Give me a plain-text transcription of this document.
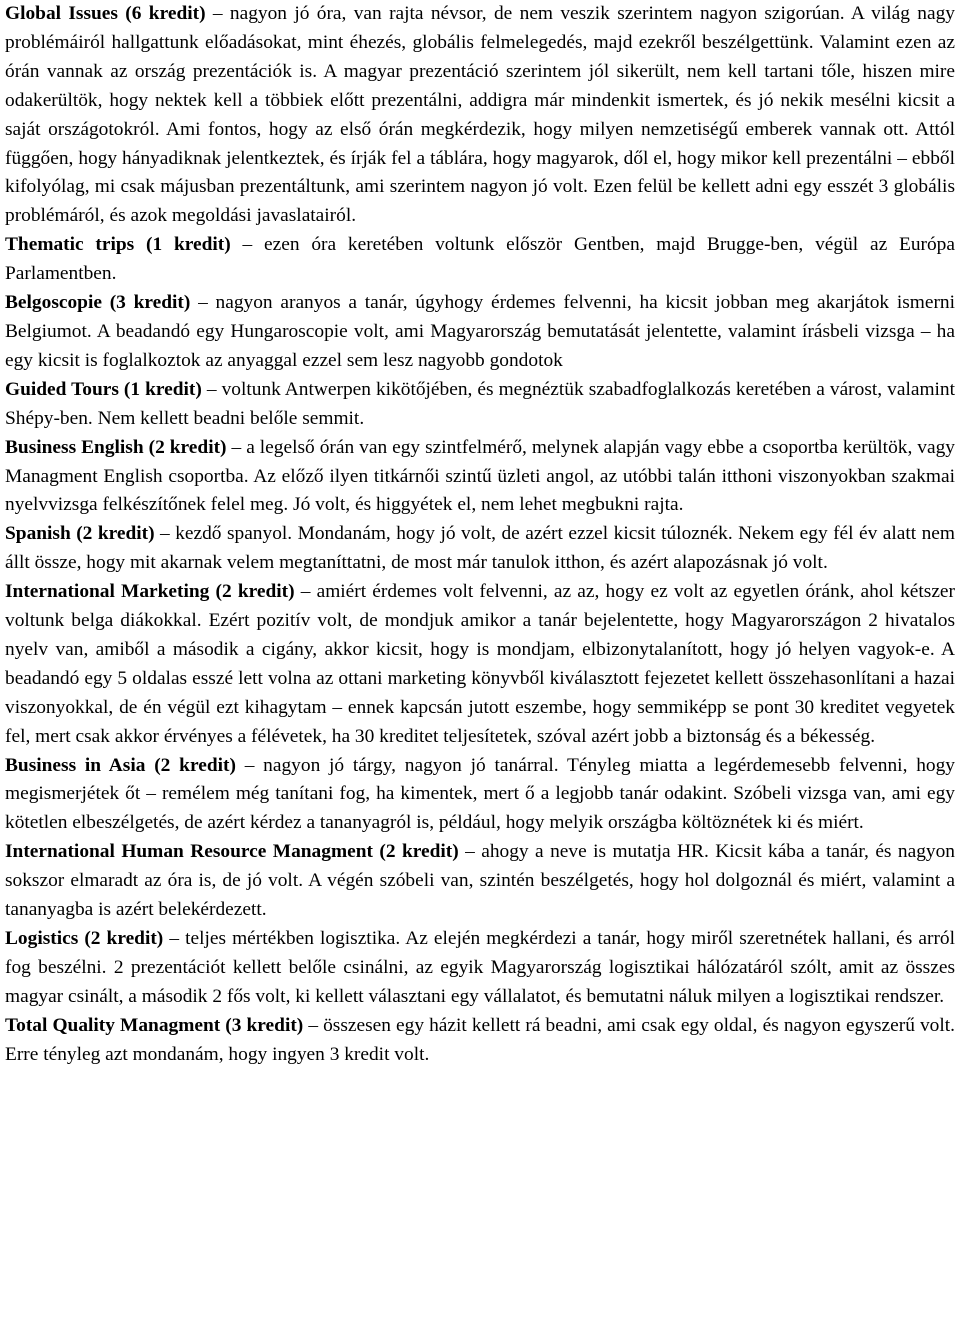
Global Issues (6 kredit) – nagyon jó óra, van rajta névsor, de nem veszik szerintem nagyon szigorúan. A világ nagy problémáiról hallgattunk előadásokat, mint éhezés, globális felmelegedés, majd ezekről beszélgettünk. Valamint ezen az órán vannak az ország prezentációk is. A magyar prezentáció szerintem jól sikerült, nem kell tartani tőle, hiszen mire odakerültök, hogy nektek kell a többiek előtt prezentálni, addigra már mindenkit ismertek, és jó nekik mesélni kicsit a saját országotokról. Ami fontos, hogy az első órán megkérdezik, hogy milyen nemzetiségű emberek vannak ott. Attól függően, hogy hányadiknak jelentkeztek, és írják fel a táblára, hogy magyarok, dől el, hogy mikor kell prezentálni – ebből kifolyólag, mi csak májusban prezentáltunk, ami szerintem nagyon jó volt. Ezen felül be kellett adni egy esszét 3 globális problémáról, és azok megoldási javaslatairól.

Thematic trips (1 kredit) – ezen óra keretében voltunk először Gentben, majd Brugge-ben, végül az Európa Parlamentben.

Belgoscopie (3 kredit) – nagyon aranyos a tanár, úgyhogy érdemes felvenni, ha kicsit jobban meg akarjátok ismerni Belgiumot. A beadandó egy Hungaroscopie volt, ami Magyarország bemutatását jelentette, valamint írásbeli vizsga – ha egy kicsit is foglalkoztok az anyaggal ezzel sem lesz nagyobb gondotok

Guided Tours (1 kredit) – voltunk Antwerpen kikötőjében, és megnéztük szabadfoglalkozás keretében a várost, valamint Shépy-ben. Nem kellett beadni belőle semmit.

Business English (2 kredit) – a legelső órán van egy szintfelmérő, melynek alapján vagy ebbe a csoportba kerültök, vagy Managment English csoportba. Az előző ilyen titkárnői szintű üzleti angol, az utóbbi talán itthoni viszonyokban szakmai nyelvvizsga felkészítőnek felel meg. Jó volt, és higgyétek el, nem lehet megbukni rajta.

Spanish (2 kredit) – kezdő spanyol. Mondanám, hogy jó volt, de azért ezzel kicsit túloznék. Nekem egy fél év alatt nem állt össze, hogy mit akarnak velem megtaníttatni, de most már tanulok itthon, és azért alapozásnak jó volt.

International Marketing (2 kredit) – amiért érdemes volt felvenni, az az, hogy ez volt az egyetlen óránk, ahol kétszer voltunk belga diákokkal. Ezért pozitív volt, de mondjuk amikor a tanár bejelentette, hogy Magyarországon 2 hivatalos nyelv van, amiből a második a cigány, akkor kicsit, hogy is mondjam, elbizonytalanított, hogy jó helyen vagyok-e. A beadandó egy 5 oldalas esszé lett volna az ottani marketing könyvből kiválasztott fejezetet kellett összehasonlítani a hazai viszonyokkal, de én végül ezt kihagytam – ennek kapcsán jutott eszembe, hogy semmiképp se pont 30 kreditet vegyetek fel, mert csak akkor érvényes a félévetek, ha 30 kreditet teljesítetek, szóval azért jobb a biztonság és a békesség.

Business in Asia (2 kredit) – nagyon jó tárgy, nagyon jó tanárral. Tényleg miatta a legérdemesebb felvenni, hogy megismerjétek őt – remélem még tanítani fog, ha kimentek, mert ő a legjobb tanár odakint. Szóbeli vizsga van, ami egy kötetlen elbeszélgetés, de azért kérdez a tananyagról is, például, hogy melyik országba költöznétek ki és miért.

International Human Resource Managment (2 kredit) – ahogy a neve is mutatja HR. Kicsit kába a tanár, és nagyon sokszor elmaradt az óra is, de jó volt. A végén szóbeli van, szintén beszélgetés, hogy hol dolgoznál és miért, valamint a tananyagba is azért belekérdezett.

Logistics (2 kredit) – teljes mértékben logisztika. Az elején megkérdezi a tanár, hogy miről szeretnétek hallani, és arról fog beszélni. 2 prezentációt kellett belőle csinálni, az egyik Magyarország logisztikai hálózatáról szólt, amit az összes magyar csinált, a második 2 fős volt, ki kellett választani egy vállalatot, és bemutatni náluk milyen a logisztikai rendszer.

Total Quality Managment (3 kredit) – összesen egy házit kellett rá beadni, ami csak egy oldal, és nagyon egyszerű volt. Erre tényleg azt mondanám, hogy ingyen 3 kredit volt.
